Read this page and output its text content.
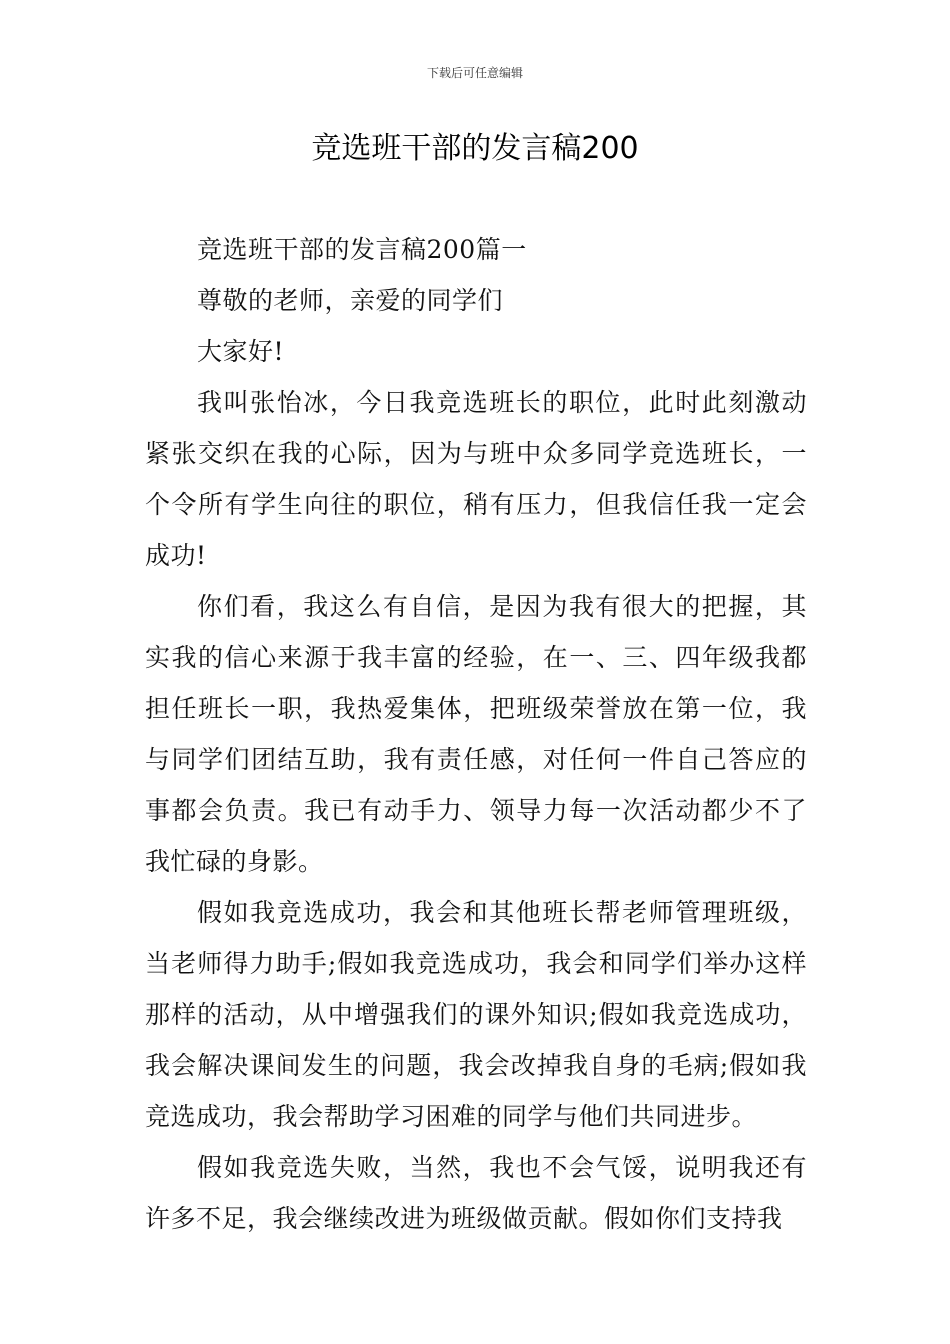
下载后可任意编辑
竞选班干部的发言稿200

竞选班干部的发言稿200篇一

尊敬的老师，亲爱的同学们

大家好!

我叫张怡冰，今日我竞选班长的职位，此时此刻激动紧张交织在我的心际，因为与班中众多同学竞选班长，一个令所有学生向往的职位，稍有压力，但我信任我一定会成功!

你们看，我这么有自信，是因为我有很大的把握，其实我的信心来源于我丰富的经验，在一、三、四年级我都担任班长一职，我热爱集体，把班级荣誉放在第一位，我与同学们团结互助，我有责任感，对任何一件自己答应的事都会负责。我已有动手力、领导力每一次活动都少不了我忙碌的身影。

假如我竞选成功，我会和其他班长帮老师管理班级，当老师得力助手;假如我竞选成功，我会和同学们举办这样那样的活动，从中增强我们的课外知识;假如我竞选成功，我会解决课间发生的问题，我会改掉我自身的毛病;假如我竞选成功，我会帮助学习困难的同学与他们共同进步。

假如我竞选失败，当然，我也不会气馁，说明我还有许多不足，我会继续改进为班级做贡献。假如你们支持我
